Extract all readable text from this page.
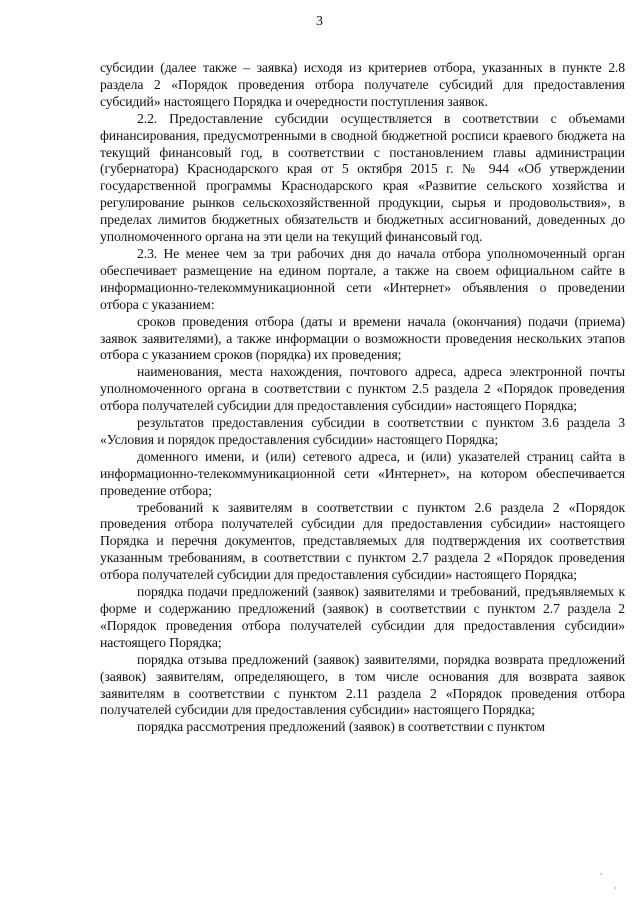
3

субсидии (далее также – заявка) исходя из критериев отбора, указанных в пункте 2.8 раздела 2 «Порядок проведения отбора получателе субсидий для предоставления субсидий» настоящего Порядка и очередности поступления заявок.

2.2. Предоставление субсидии осуществляется в соответствии с объемами финансирования, предусмотренными в сводной бюджетной росписи краевого бюджета на текущий финансовый год, в соответствии с постановлением главы администрации (губернатора) Краснодарского края от 5 октября 2015 г. № 944 «Об утверждении государственной программы Краснодарского края «Развитие сельского хозяйства и регулирование рынков сельскохозяйственной продукции, сырья и продовольствия», в пределах лимитов бюджетных обязательств и бюджетных ассигнований, доведенных до уполномоченного органа на эти цели на текущий финансовый год.

2.3. Не менее чем за три рабочих дня до начала отбора уполномоченный орган обеспечивает размещение на едином портале, а также на своем официальном сайте в информационно-телекоммуникационной сети «Интернет» объявления о проведении отбора с указанием:

сроков проведения отбора (даты и времени начала (окончания) подачи (приема) заявок заявителями), а также информации о возможности проведения нескольких этапов отбора с указанием сроков (порядка) их проведения;

наименования, места нахождения, почтового адреса, адреса электронной почты уполномоченного органа в соответствии с пунктом 2.5 раздела 2 «Порядок проведения отбора получателей субсидии для предоставления субсидии» настоящего Порядка;

результатов предоставления субсидии в соответствии с пунктом 3.6 раздела 3 «Условия и порядок предоставления субсидии» настоящего Порядка;

доменного имени, и (или) сетевого адреса, и (или) указателей страниц сайта в информационно-телекоммуникационной сети «Интернет», на котором обеспечивается проведение отбора;

требований к заявителям в соответствии с пунктом 2.6 раздела 2 «Порядок проведения отбора получателей субсидии для предоставления субсидии» настоящего Порядка и перечня документов, представляемых для подтверждения их соответствия указанным требованиям, в соответствии с пунктом 2.7 раздела 2 «Порядок проведения отбора получателей субсидии для предоставления субсидии» настоящего Порядка;

порядка подачи предложений (заявок) заявителями и требований, предъявляемых к форме и содержанию предложений (заявок) в соответствии с пунктом 2.7 раздела 2 «Порядок проведения отбора получателей субсидии для предоставления субсидии» настоящего Порядка;

порядка отзыва предложений (заявок) заявителями, порядка возврата предложений (заявок) заявителям, определяющего, в том числе основания для возврата заявок заявителям в соответствии с пунктом 2.11 раздела 2 «Порядок проведения отбора получателей субсидии для предоставления субсидии» настоящего Порядка;

порядка рассмотрения предложений (заявок) в соответствии с пунктом
